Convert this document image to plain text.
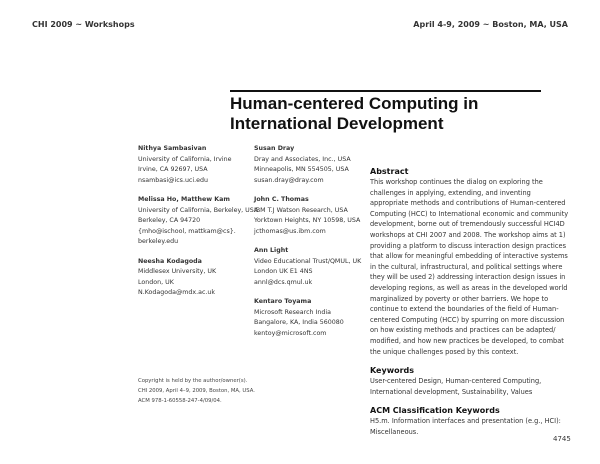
CHI 2009 ~ Workshops	April 4-9, 2009 ~ Boston, MA, USA
Human-centered Computing in
International Development
Nithya Sambasivan
University of California, Irvine
Irvine, CA 92697, USA
nsambasi@ics.uci.edu
Melissa Ho, Matthew Kam
University of California, Berkeley, USA
Berkeley, CA 94720
{mho@ischool, mattkam@cs}.
berkeley.edu
Neesha Kodagoda
Middlesex University, UK
London, UK
N.Kodagoda@mdx.ac.uk
Susan Dray
Dray and Associates, Inc., USA
Minneapolis, MN 554505, USA
susan.dray@dray.com
John C. Thomas
IBM T.J Watson Research, USA
Yorktown Heights, NY 10598, USA
jcthomas@us.ibm.com
Ann Light
Video Educational Trust/QMUL, UK
London UK E1 4NS
annl@dcs.qmul.uk
Kentaro Toyama
Microsoft Research India
Bangalore, KA, India 560080
kentoy@microsoft.com
Abstract

This workshop continues the dialog on exploring the challenges in applying, extending, and inventing appropriate methods and contributions of Human-centered Computing (HCC) to International economic and community development, borne out of tremendously successful HCI4D workshops at CHI 2007 and 2008. The workshop aims at 1) providing a platform to discuss interaction design practices that allow for meaningful embedding of interactive systems in the cultural, infrastructural, and political settings where they will be used 2) addressing interaction design issues in developing regions, as well as areas in the developed world marginalized by poverty or other barriers. We hope to continue to extend the boundaries of the field of Human-centered Computing (HCC) by spurring on more discussion on how existing methods and practices can be adapted/ modified, and how new practices be developed, to combat the unique challenges posed by this context.

Keywords

User-centered Design, Human-centered Computing, International development, Sustainability, Values

ACM Classification Keywords

H5.m. Information interfaces and presentation (e.g., HCI): Miscellaneous.

Copyright is held by the author/owner(s).
CHI 2009, April 4–9, 2009, Boston, MA, USA.
ACM 978-1-60558-247-4/09/04.
4745
